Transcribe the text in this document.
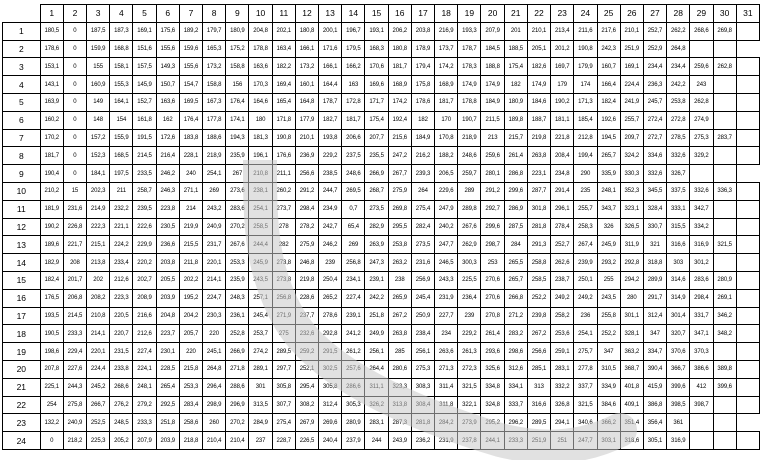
	1	2	3	4	5	6	7	8	9	10	11	12	13	14	15	16	17	18	19	20	21	22	23	24	25	26	27	28	29	30	31
1	180,5	0	187,5	187,3	169,1	175,6	189,2	179,7	180,9	204,8	202,1	180,8	200,1	196,7	193,1	206,2	203,8	216,9	193,3	207,9	201	210,1	213,4	211,6	217,6	210,1	252,7	262,2	268,6	269,8	
2	178,6	0	159,9	168,8	151,6	155,6	159,6	165,3	175,2	178,8	163,4	166,1	171,6	179,5	168,3	180,8	178,9	173,7	178,7	184,5	188,5	205,1	201,2	190,8	242,3	251,9	252,9	264,8			
3	153,1	0	155	158,1	157,5	149,3	155,6	173,2	158,8	163,6	182,2	173,2	166,1	166,2	170,6	181,7	179,4	174,2	178,3	188,8	175,4	182,6	169,7	179,9	160,7	169,1	234,4	234,4	259,6	262,8	
4	143,1	0	160,9	155,3	145,9	150,7	154,7	158,8	156	170,3	169,4	160,1	164,4	163	169,6	168,9	175,8	168,9	174,9	174,9	182	174,9	179	174	166,4	224,4	236,3	242,2	243		
5	163,9	0	149	164,1	152,7	163,6	169,5	167,3	176,4	164,6	165,4	164,8	178,7	172,8	171,7	174,2	178,6	181,7	178,8	184,9	180,9	184,6	190,2	171,3	182,4	241,9	245,7	253,8	262,8		
6	160,2	0	148	154	161,8	162	176,4	177,8	174,1	180	171,8	177,9	182,7	181,7	175,4	192,4	182	170	190,7	211,5	189,8	188,7	181,1	185,4	192,6	255,7	272,4	272,8	274,9		
7	170,2	0	157,2	155,9	191,5	172,6	183,8	188,6	194,3	181,3	190,8	210,1	193,8	206,6	207,7	215,6	184,9	170,8	218,9	213	215,7	219,8	221,8	212,8	194,5	209,7	272,7	278,5	275,3	283,7	
8	181,7	0	152,3	168,5	214,5	216,4	228,1	218,9	235,9	196,1	176,6	236,9	229,2	237,5	235,5	247,2	216,2	188,2	248,6	259,6	261,4	263,8	208,4	199,4	265,7	324,2	334,6	332,6	329,2		
9	190,4	0	184,1	197,5	233,5	246,2	240	254,1	267	210,8	211,1	256,6	238,5	248,6	266,9	267,7	239,3	206,5	259,7	280,1	286,8	223,1	234,8	290	335,9	330,3	332,6	326,7			
10	210,2	15	202,3	211	258,7	246,3	271,1	269	273,6	238,1	260,2	291,2	244,7	269,5	268,7	275,9	264	229,6	289	291,2	299,6	287,7	291,4	235	248,1	352,3	345,5	337,5	332,6	336,3	
11	181,9	231,6	214,9	232,2	239,5	223,8	214	243,2	283,6	254,1	273,7	298,4	234,9	0,7	273,5	269,8	275,4	247,9	289,8	292,7	286,9	301,8	296,1	255,7	343,7	323,1	328,4	333,1	342,7		
12	190,2	226,8	222,3	221,1	222,6	230,5	219,9	240,9	270,2	258,5	278	278,2	242,7	65,4	282,9	295,5	282,4	240,2	267,6	299,6	287,5	281,8	278,4	258,3	326	326,5	330,7	315,5	334,2		
13	189,6	221,7	215,1	224,2	229,9	236,6	215,5	231,7	267,6	244,4	282	275,9	246,2	269	263,9	253,8	273,5	247,7	262,9	298,7	284	291,3	252,7	267,4	245,9	311,9	321	316,6	316,9	321,5	
14	182,9	208	213,8	233,4	220,2	203,8	211,8	220,1	253,3	245,9	273,8	246,8	239	256,8	247,3	263,2	231,6	246,5	300,3	253	265,5	258,8	262,6	239,9	293,2	292,8	318,8	303	301,2		
15	182,4	201,7	202	212,6	202,7	205,5	202,2	214,1	235,9	243,5	273,8	219,8	250,4	234,1	239,1	238	256,9	243,3	225,5	270,6	265,7	258,5	238,7	250,1	255	294,2	289,9	314,6	283,6	280,9	
16	176,5	206,8	208,2	223,3	208,9	203,9	195,2	224,7	248,3	257,1	256,8	228,6	265,2	227,4	242,2	265,9	245,4	231,9	236,4	270,6	266,8	252,2	249,2	249,2	243,5	280	291,7	314,9	298,4	269,1	
17	193,5	214,5	210,8	220,5	216,6	204,8	204,2	230,3	236,1	245,4	271,9	237,7	278,6	239,1	251,8	267,2	250,9	227,7	239	270,8	271,2	239,8	258,2	236	255,8	301,1	312,4	301,4	331,7	346,2	
18	190,5	233,3	214,1	220,7	212,6	223,7	205,7	220	252,8	253,7	275	232,6	292,8	241,2	249,9	263,8	238,4	234	229,2	261,4	283,2	267,2	253,6	254,1	252,2	328,1	347	320,7	347,1	348,2	
19	198,6	229,4	220,1	231,5	227,4	230,1	220	245,1	266,9	274,2	289,5	259,2	291,5	261,2	256,1	285	256,1	263,6	261,3	293,6	298,6	256,6	259,1	275,7	347	363,2	334,7	370,6	370,3		
20	207,8	227,6	224,4	233,8	224,1	228,5	215,8	264,8	271,8	289,1	297,7	252,1	302,5	257,6	264,4	280,6	275,3	271,3	272,3	325,6	312,6	285,1	283,1	277,8	310,5	368,7	390,4	366,7	386,6	389,8	
21	225,1	244,3	245,2	268,6	248,1	265,4	253,3	296,4	288,6	301	305,8	295,4	305,8	286,6	311,1	323,3	308,3	311,4	321,5	334,8	334,1	313	332,2	337,7	334,9	401,8	415,9	399,6	412	399,6	
22	254	275,8	266,7	276,2	279,2	292,5	283,4	298,9	296,9	313,5	307,7	308,2	312,4	305,3	326,2	313,8	308,4	311,8	322,1	324,8	333,7	316,6	326,8	321,5	384,6	409,1	386,8	398,5	398,7		
23	132,2	240,9	252,5	248,5	233,3	251,8	258,6	260	270,2	284,9	275,4	267,9	269,6	280,9	283,1	287,3	281,8	284,2	273,9	295,2	296,2	289,5	294,1	340,6	366,2	351,4	356,4	361			
24	0	218,2	225,3	205,2	207,9	203,9	218,8	210,4	210,4	237	228,7	226,5	240,4	237,9	244	243,9	236,2	231,9	237,8	244,1	233,3	251,9	251	247,7	303,1	318,6	305,1	316,9			
